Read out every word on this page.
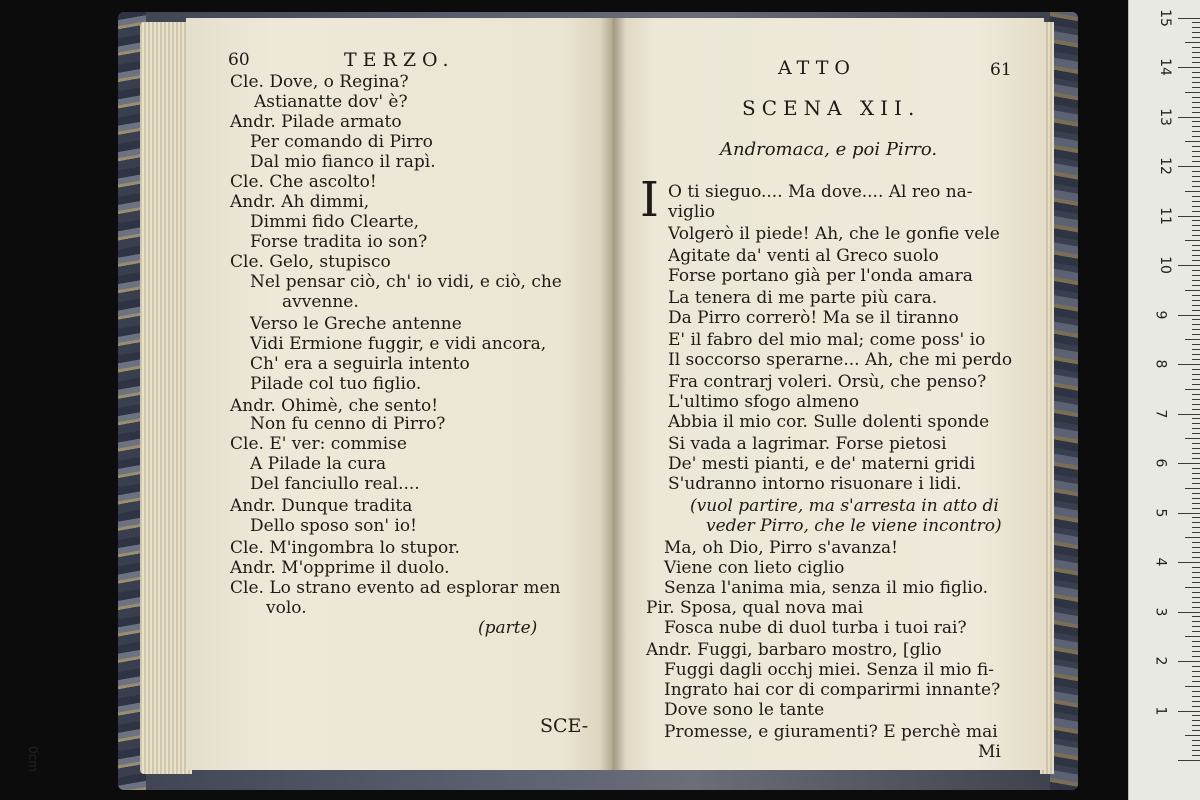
60	TERZO.
Cle. Dove, o Regina?
Astianatte dov' è?
Andr. Pilade armato
Per comando di Pirro
Dal mio fianco il rapì.
Cle. Che ascolto!
Andr. Ah dimmi,
Dimmi fido Clearte,
Forse tradita io son?
Cle. Gelo, stupisco
Nel pensar ciò, ch' io vidi, e ciò, che
avvenne.
Verso le Greche antenne
Vidi Ermione fuggir, e vidi ancora,
Ch' era a seguirla intento
Pilade col tuo figlio.
Andr. Ohimè, che sento!
Non fu cenno di Pirro?
Cle. E' ver: commise
A Pilade la cura
Del fanciullo real....
Andr. Dunque tradita
Dello sposo son' io!
Cle. M'ingombra lo stupor.
Andr. M'opprime il duolo.
Cle. Lo strano evento ad esplorar men
volo.
(parte)
SCE-
ATTO	61
SCENA XII.
Andromaca, e poi Pirro.
I O ti sieguo.... Ma dove.... Al reo na-
viglio
Volgerò il piede! Ah, che le gonfie vele
Agitate da' venti al Greco suolo
Forse portano già per l'onda amara
La tenera di me parte più cara.
Da Pirro correrò! Ma se il tiranno
E' il fabro del mio mal; come poss' io
Il soccorso sperarne... Ah, che mi perdo
Fra contrarj voleri. Orsù, che penso?
L'ultimo sfogo almeno
Abbia il mio cor. Sulle dolenti sponde
Si vada a lagrimar. Forse pietosi
De' mesti pianti, e de' materni gridi
S'udranno intorno risuonare i lidi.
(vuol partire, ma s'arresta in atto di
veder Pirro, che le viene incontro)
Ma, oh Dio, Pirro s'avanza!
Viene con lieto ciglio
Senza l'anima mia, senza il mio figlio.
Pir. Sposa, qual nova mai
Fosca nube di duol turba i tuoi rai?
Andr. Fuggi, barbaro mostro, [glio
Fuggi dagli occhj miei. Senza il mio fi-
Ingrato hai cor di comparirmi innante?
Dove sono le tante
Promesse, e giuramenti? E perchè mai
Mi
0cm
1
2
3
4
5
6
7
8
9
10
11
12
13
14
15
